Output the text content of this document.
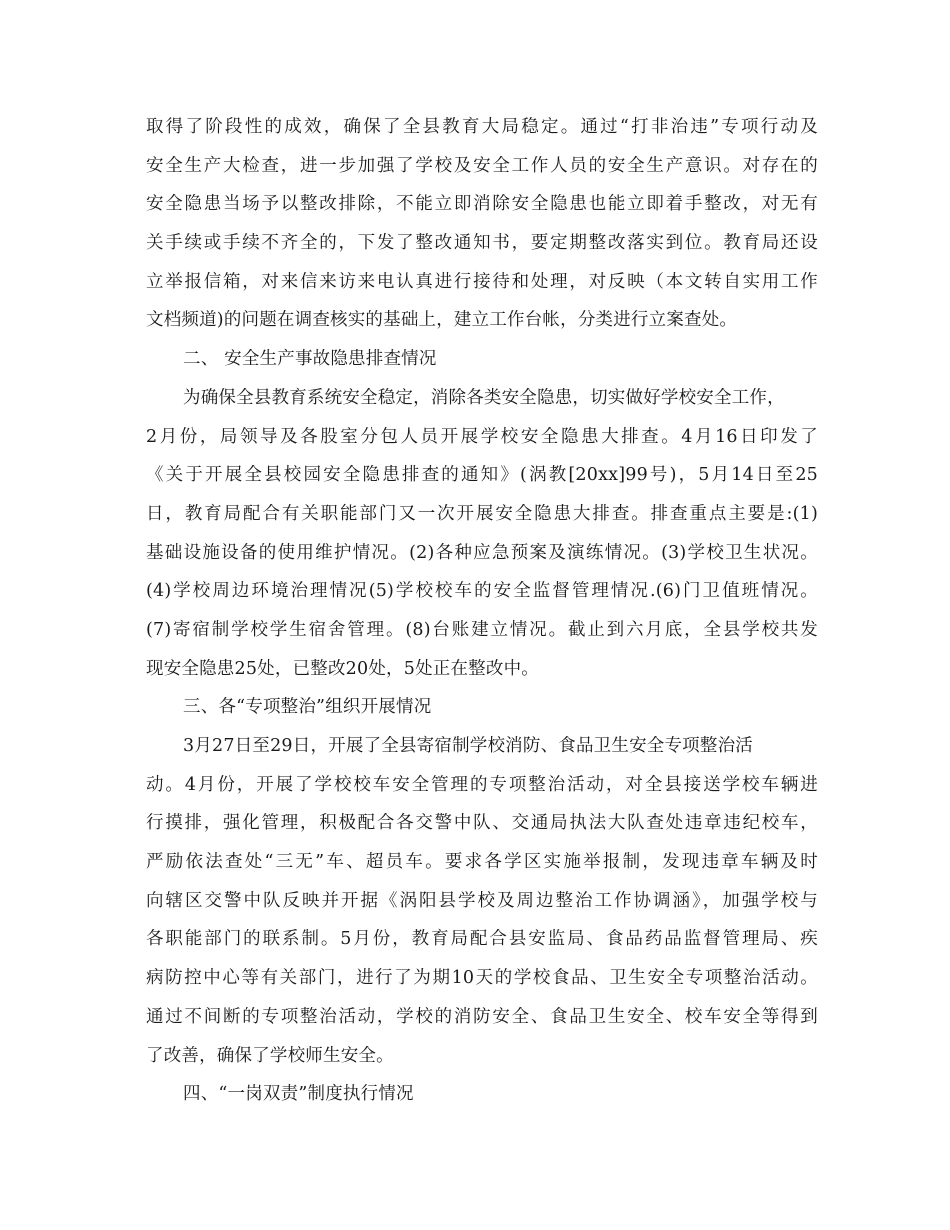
取得了阶段性的成效，确保了全县教育大局稳定。通过“打非治违”专项行动及
安全生产大检查，进一步加强了学校及安全工作人员的安全生产意识。对存在的
安全隐患当场予以整改排除，不能立即消除安全隐患也能立即着手整改，对无有
关手续或手续不齐全的，下发了整改通知书，要定期整改落实到位。教育局还设
立举报信箱，对来信来访来电认真进行接待和处理，对反映（本文转自实用工作
文档频道)的问题在调查核实的基础上，建立工作台帐，分类进行立案查处。
二、 安全生产事故隐患排查情况
为确保全县教育系统安全稳定，消除各类安全隐患，切实做好学校安全工作，
2月份，局领导及各股室分包人员开展学校安全隐患大排查。4月16日印发了
《关于开展全县校园安全隐患排查的通知》(涡教[20xx]99号)，5月14日至25
日，教育局配合有关职能部门又一次开展安全隐患大排查。排查重点主要是:(1)
基础设施设备的使用维护情况。(2)各种应急预案及演练情况。(3)学校卫生状况。
(4)学校周边环境治理情况(5)学校校车的安全监督管理情况.(6)门卫值班情况。
(7)寄宿制学校学生宿舍管理。(8)台账建立情况。截止到六月底，全县学校共发
现安全隐患25处，已整改20处，5处正在整改中。
三、各“专项整治”组织开展情况
3月27日至29日，开展了全县寄宿制学校消防、食品卫生安全专项整治活
动。4月份，开展了学校校车安全管理的专项整治活动，对全县接送学校车辆进
行摸排，强化管理，积极配合各交警中队、交通局执法大队查处违章违纪校车，
严励依法查处“三无”车、超员车。要求各学区实施举报制，发现违章车辆及时
向辖区交警中队反映并开据《涡阳县学校及周边整治工作协调涵》，加强学校与
各职能部门的联系制。5月份，教育局配合县安监局、食品药品监督管理局、疾
病防控中心等有关部门，进行了为期10天的学校食品、卫生安全专项整治活动。
通过不间断的专项整治活动，学校的消防安全、食品卫生安全、校车安全等得到
了改善，确保了学校师生安全。
四、“一岗双责”制度执行情况
